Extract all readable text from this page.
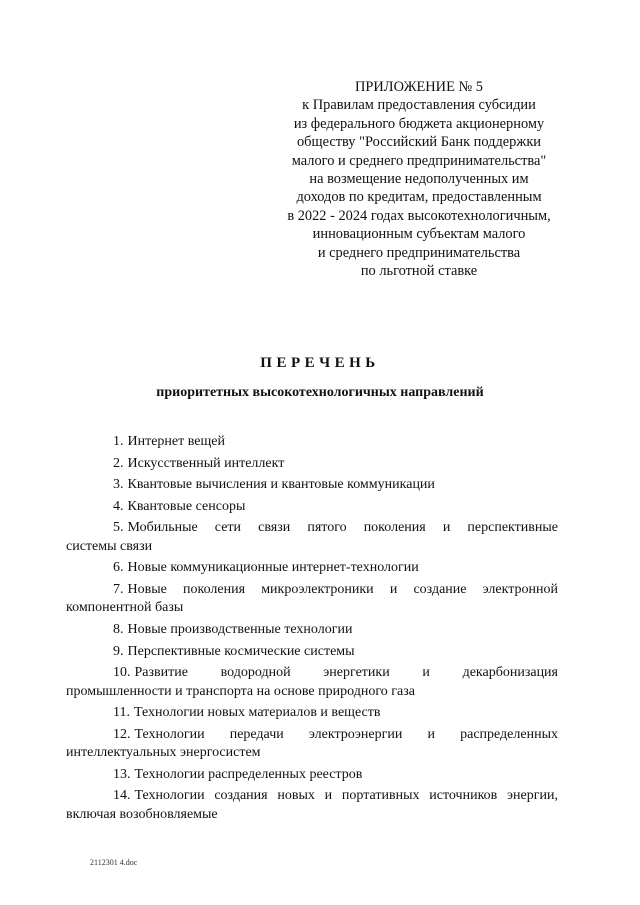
ПРИЛОЖЕНИЕ № 5
к Правилам предоставления субсидии
из федерального бюджета акционерному
обществу "Российский Банк поддержки
малого и среднего предпринимательства"
на возмещение недополученных им
доходов по кредитам, предоставленным
в 2022 - 2024 годах высокотехнологичным,
инновационным субъектам малого
и среднего предпринимательства
по льготной ставке
ПЕРЕЧЕНЬ
приоритетных высокотехнологичных направлений
1. Интернет вещей
2. Искусственный интеллект
3. Квантовые вычисления и квантовые коммуникации
4. Квантовые сенсоры
5. Мобильные сети связи пятого поколения и перспективные
системы связи
6. Новые коммуникационные интернет-технологии
7. Новые поколения микроэлектроники и создание электронной
компонентной базы
8. Новые производственные технологии
9. Перспективные космические системы
10. Развитие водородной энергетики и декарбонизация
промышленности и транспорта на основе природного газа
11. Технологии новых материалов и веществ
12. Технологии передачи электроэнергии и распределенных
интеллектуальных энергосистем
13. Технологии распределенных реестров
14. Технологии создания новых и портативных источников энергии,
включая возобновляемые
2112301 4.doc
